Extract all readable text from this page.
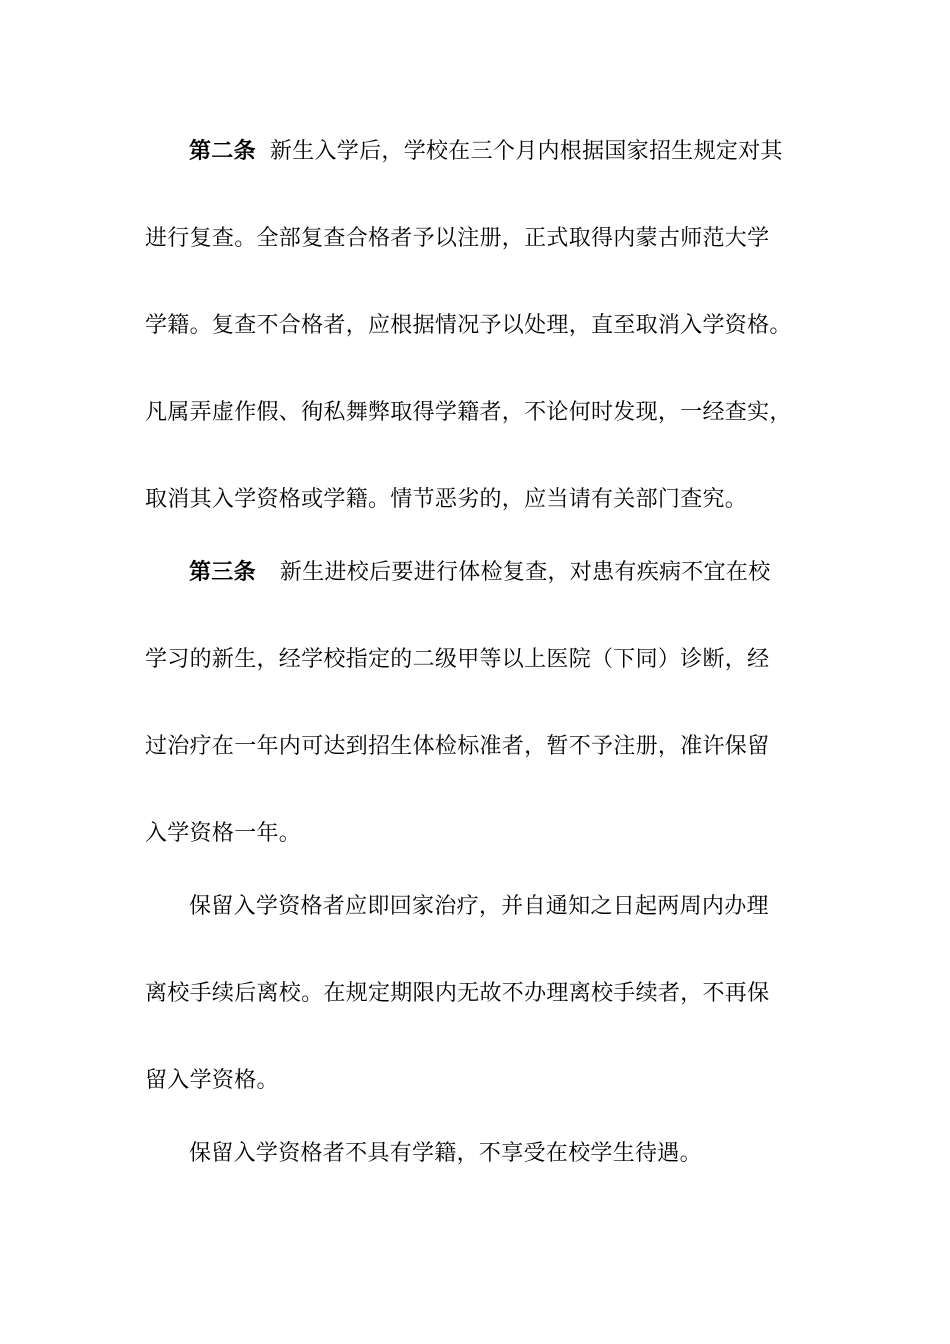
第二条 新生入学后，学校在三个月内根据国家招生规定对其
进行复查。全部复查合格者予以注册，正式取得内蒙古师范大学
学籍。复查不合格者，应根据情况予以处理，直至取消入学资格。
凡属弄虚作假、徇私舞弊取得学籍者，不论何时发现，一经查实，
取消其入学资格或学籍。情节恶劣的，应当请有关部门查究。
第三条 新生进校后要进行体检复查，对患有疾病不宜在校
学习的新生，经学校指定的二级甲等以上医院（下同）诊断，经
过治疗在一年内可达到招生体检标准者，暂不予注册，准许保留
入学资格一年。
保留入学资格者应即回家治疗，并自通知之日起两周内办理
离校手续后离校。在规定期限内无故不办理离校手续者，不再保
留入学资格。
保留入学资格者不具有学籍，不享受在校学生待遇。
